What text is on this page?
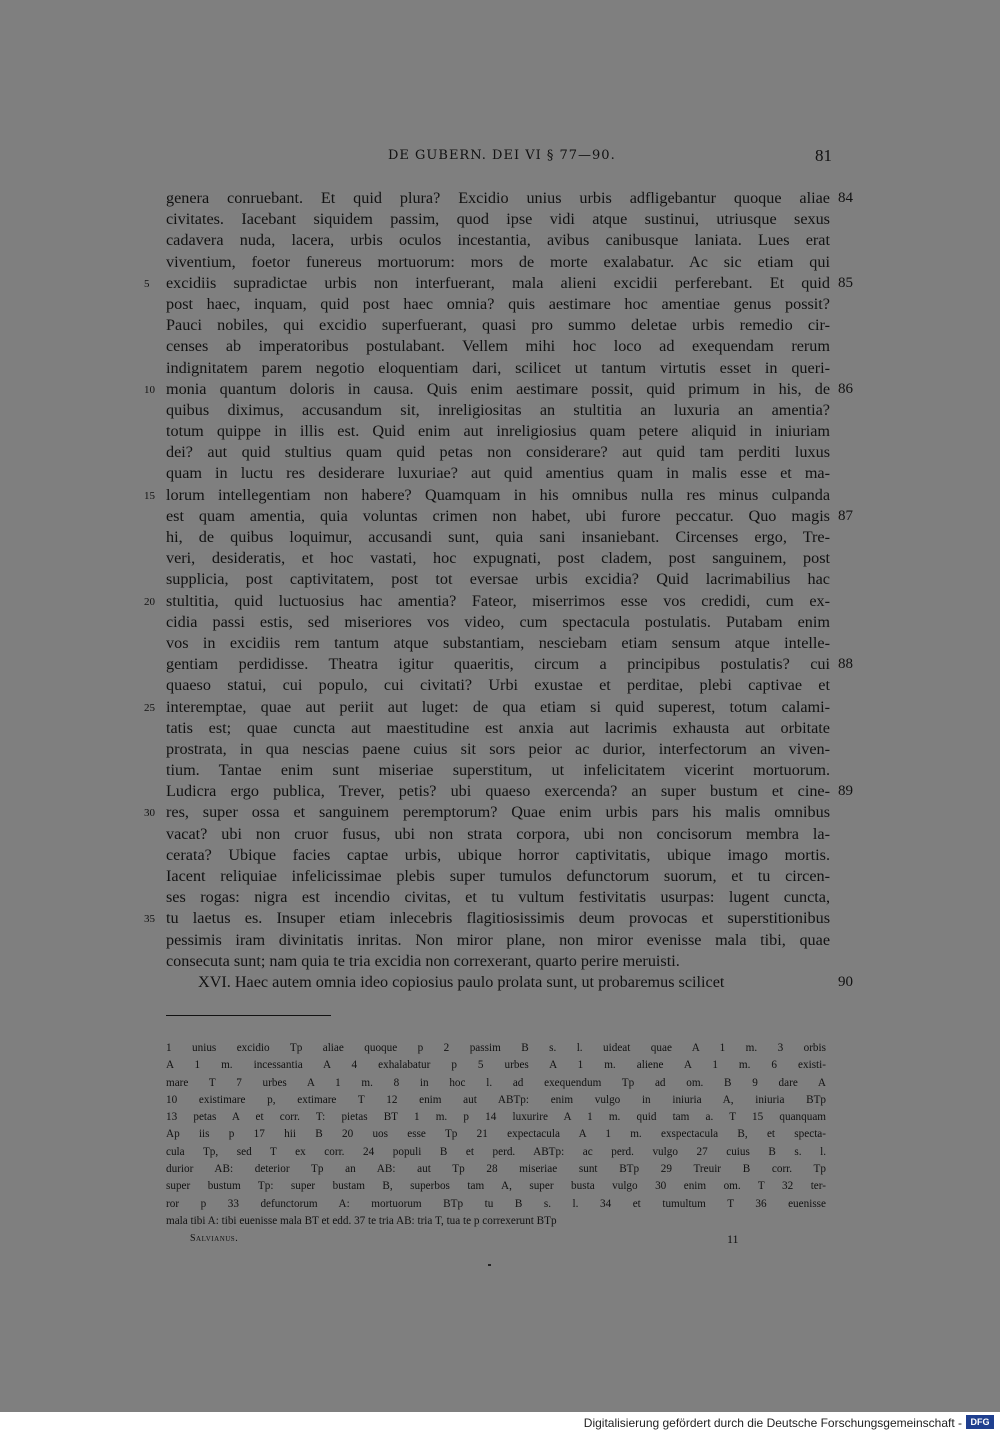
DE GUBERN. DEI VI § 77—90.	81
genera conruebant. Et quid plura? Excidio unius urbis adfligebantur quoque aliae 84
civitates. Iacebant siquidem passim, quod ipse vidi atque sustinui, utriusque sexus
cadavera nuda, lacera, urbis oculos incestantia, avibus canibusque laniata. Lues erat
viventium, foetor funereus mortuorum: mors de morte exalabatur. Ac sic etiam qui
excidiis supradictae urbis non interfuerant, mala alieni excidii perferebant. Et quid
5	85
post haec, inquam, quid post haec omnia? quis aestimare hoc amentiae genus possit?
Pauci nobiles, qui excidio superfuerant, quasi pro summo deletae urbis remedio cir-
censes ab imperatoribus postulabant. Vellem mihi hoc loco ad exequendam rerum
indignitatem parem negotio eloquentiam dari, scilicet ut tantum virtutis esset in queri-
monia quantum doloris in causa. Quis enim aestimare possit, quid primum in his, de
10	86
quibus diximus, accusandum sit, inreligiositas an stultitia an luxuria an amentia?
totum quippe in illis est. Quid enim aut inreligiosius quam petere aliquid in iniuriam
dei? aut quid stultius quam quid petas non considerare? aut quid tam perditi luxus
quam in luctu res desiderare luxuriae? aut quid amentius quam in malis esse et ma-
lorum intellegentiam non habere? Quamquam in his omnibus nulla res minus culpanda
15
est quam amentia, quia voluntas crimen non habet, ubi furore peccatur. Quo magis 87
hi, de quibus loquimur, accusandi sunt, quia sani insaniebant. Circenses ergo, Tre-
veri, desideratis, et hoc vastati, hoc expugnati, post cladem, post sanguinem, post
supplicia, post captivitatem, post tot eversae urbis excidia? Quid lacrimabilius hac
stultitia, quid luctuosius hac amentia? Fateor, miserrimos esse vos credidi, cum ex-
20
cidia passi estis, sed miseriores vos video, cum spectacula postulatis. Putabam enim
vos in excidiis rem tantum atque substantiam, nesciebam etiam sensum atque intelle-
gentiam perdidisse. Theatra igitur quaeritis, circum a principibus postulatis? cui 88
quaeso statui, cui populo, cui civitati? Urbi exustae et perditae, plebi captivae et
interemptae, quae aut periit aut luget: de qua etiam si quid superest, totum calami-
25
tatis est; quae cuncta aut maestitudine est anxia aut lacrimis exhausta aut orbitate
prostrata, in qua nescias paene cuius sit sors peior ac durior, interfectorum an viven-
tium. Tantae enim sunt miseriae superstitum, ut infelicitatem vicerint mortuorum.
Ludicra ergo publica, Trever, petis? ubi quaeso exercenda? an super bustum et cine- 89
res, super ossa et sanguinem peremptorum? Quae enim urbis pars his malis omnibus
30
vacat? ubi non cruor fusus, ubi non strata corpora, ubi non concisorum membra la-
cerata? Ubique facies captae urbis, ubique horror captivitatis, ubique imago mortis.
Iacent reliquiae infelicissimae plebis super tumulos defunctorum suorum, et tu circen-
ses rogas: nigra est incendio civitas, et tu vultum festivitatis usurpas: lugent cuncta,
tu laetus es. Insuper etiam inlecebris flagitiosissimis deum provocas et superstitionibus
35
pessimis iram divinitatis inritas. Non miror plane, non miror evenisse mala tibi, quae
consecuta sunt; nam quia te tria excidia non correxerant, quarto perire meruisti.
XVI. Haec autem omnia ideo copiosius paulo prolata sunt, ut probaremus scilicet	90
1 unius excidio Tp aliae quoque p 2 passim B s. l. uideat quae A 1 m. 3 orbis
A 1 m. incessantia A 4 exhalabatur p 5 urbes A 1 m. aliene A 1 m. 6 existi-
mare T 7 urbes A 1 m. 8 in hoc l. ad exequendum Tp ad om. B 9 dare A
10 existimare p, extimare T 12 enim aut ABTp: enim vulgo in iniuria A, iniuria BTp
13 petas A et corr. T: pietas BT 1 m. p 14 luxurire A 1 m. quid tam a. T 15 quanquam
Ap iis p 17 hii B 20 uos esse Tp 21 expectacula A 1 m. exspectacula B, et specta-
cula Tp, sed T ex corr. 24 populi B et perd. ABTp: ac perd. vulgo 27 cuius B s. l.
durior AB: deterior Tp an AB: aut Tp 28 miseriae sunt BTp 29 Treuir B corr. Tp
super bustum Tp: super bustam B, superbos tam A, super busta vulgo 30 enim om. T 32 ter-
ror p 33 defunctorum A: mortuorum BTp tu B s. l. 34 et tumultum T 36 euenisse
mala tibi A: tibi euenisse mala BT et edd. 37 te tria AB: tria T, tua te p correxerunt BTp
Salvianus.	11
Digitalisierung gefördert durch die Deutsche Forschungsgemeinschaft - DFG
